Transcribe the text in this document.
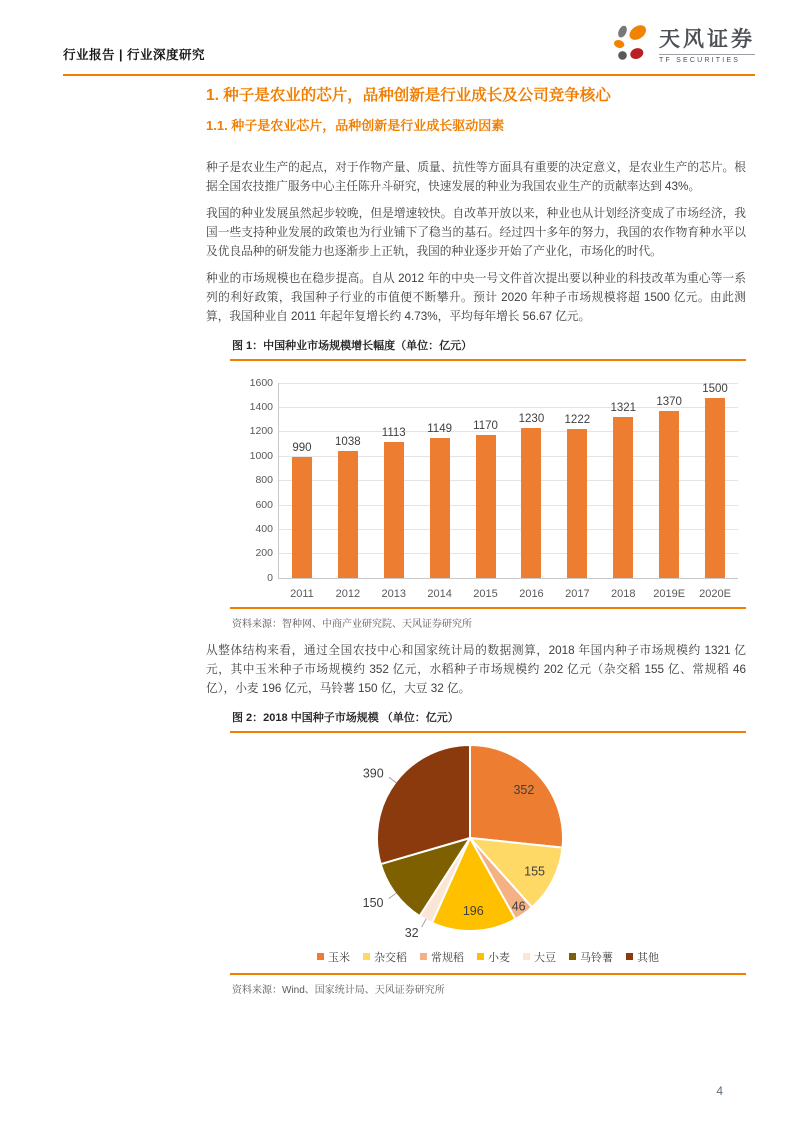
行业报告 | 行业深度研究
天风证券
TF SECURITIES
1. 种子是农业的芯片，品种创新是行业成长及公司竞争核心
1.1. 种子是农业芯片，品种创新是行业成长驱动因素

种子是农业生产的起点，对于作物产量、质量、抗性等方面具有重要的决定意义，是农业生产的芯片。根据全国农技推广服务中心主任陈升斗研究，快速发展的种业为我国农业生产的贡献率达到 43%。

我国的种业发展虽然起步较晚，但是增速较快。自改革开放以来，种业也从计划经济变成了市场经济，我国一些支持种业发展的政策也为行业铺下了稳当的基石。经过四十多年的努力，我国的农作物育种水平以及优良品种的研发能力也逐渐步上正轨，我国的种业逐步开始了产业化，市场化的时代。

种业的市场规模也在稳步提高。自从 2012 年的中央一号文件首次提出要以种业的科技改革为重心等一系列的利好政策，我国种子行业的市值便不断攀升。预计 2020 年种子市场规模将超 1500 亿元。由此测算，我国种业自 2011 年起年复增长约 4.73%，平均每年增长 56.67 亿元。

图 1：中国种业市场规模增长幅度（单位：亿元）
0
200
400
600
800
1000
1200
1400
1600
990
2011
1038
2012
1113
2013
1149
2014
1170
2015
1230
2016
1222
2017
1321
2018
1370
2019E
1500
2020E
资料来源：智种网、中商产业研究院、天风证券研究所

从整体结构来看，通过全国农技中心和国家统计局的数据测算，2018 年国内种子市场规模约 1321 亿元，其中玉米种子市场规模约 352 亿元，水稻种子市场规模约 202 亿元（杂交稻 155 亿、常规稻 46 亿），小麦 196 亿元，马铃薯 150 亿，大豆 32 亿。

图 2：2018 中国种子市场规模 （单位：亿元）
352
155
46
196
32
150
390
玉米 杂交稻 常规稻 小麦 大豆 马铃薯 其他
资料来源：Wind、国家统计局、天风证券研究所
4
